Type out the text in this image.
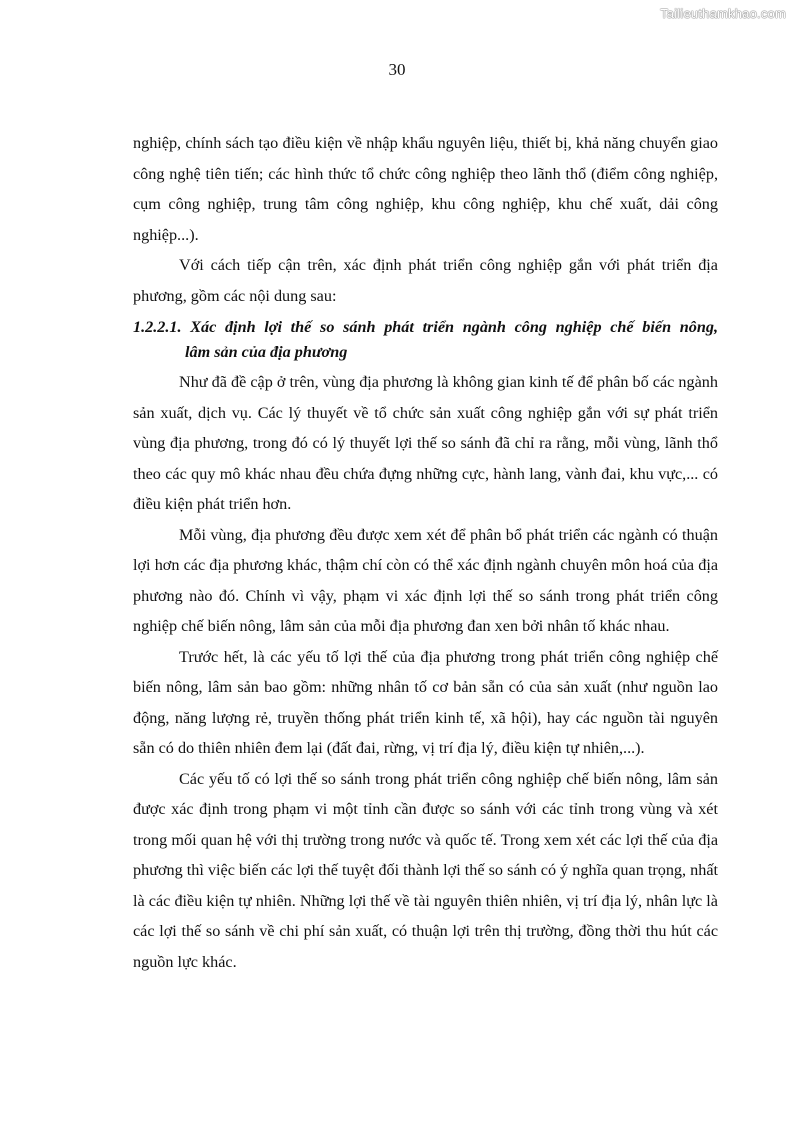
Tailieuthamkhao.com
30

nghiệp, chính sách tạo điều kiện về nhập khẩu nguyên liệu, thiết bị, khả năng chuyển giao công nghệ tiên tiến; các hình thức tổ chức công nghiệp theo lãnh thổ (điểm công nghiệp, cụm công nghiệp, trung tâm công nghiệp, khu công nghiệp, khu chế xuất, dải công nghiệp...).

Với cách tiếp cận trên, xác định phát triển công nghiệp gắn với phát triển địa phương, gồm các nội dung sau:

1.2.2.1. Xác định lợi thế so sánh phát triển ngành công nghiệp chế biến nông,
lâm sản của địa phương

Như đã đề cập ở trên, vùng địa phương là không gian kinh tế để phân bố các ngành sản xuất, dịch vụ. Các lý thuyết về tổ chức sản xuất công nghiệp gắn với sự phát triển vùng địa phương, trong đó có lý thuyết lợi thế so sánh đã chỉ ra rằng, mỗi vùng, lãnh thổ theo các quy mô khác nhau đều chứa đựng những cực, hành lang, vành đai, khu vực,... có điều kiện phát triển hơn.

Mỗi vùng, địa phương đều được xem xét để phân bổ phát triển các ngành có thuận lợi hơn các địa phương khác, thậm chí còn có thể xác định ngành chuyên môn hoá của địa phương nào đó. Chính vì vậy, phạm vi xác định lợi thế so sánh trong phát triển công nghiệp chế biến nông, lâm sản của mỗi địa phương đan xen bởi nhân tố khác nhau.

Trước hết, là các yếu tố lợi thế của địa phương trong phát triển công nghiệp chế biến nông, lâm sản bao gồm: những nhân tố cơ bản sẵn có của sản xuất (như nguồn lao động, năng lượng rẻ, truyền thống phát triển kinh tế, xã hội), hay các nguồn tài nguyên sẵn có do thiên nhiên đem lại (đất đai, rừng, vị trí địa lý, điều kiện tự nhiên,...).

Các yếu tố có lợi thế so sánh trong phát triển công nghiệp chế biến nông, lâm sản được xác định trong phạm vi một tỉnh cần được so sánh với các tỉnh trong vùng và xét trong mối quan hệ với thị trường trong nước và quốc tế. Trong xem xét các lợi thế của địa phương thì việc biến các lợi thế tuyệt đối thành lợi thế so sánh có ý nghĩa quan trọng, nhất là các điều kiện tự nhiên. Những lợi thế về tài nguyên thiên nhiên, vị trí địa lý, nhân lực là các lợi thế so sánh về chi phí sản xuất, có thuận lợi trên thị trường, đồng thời thu hút các nguồn lực khác.
